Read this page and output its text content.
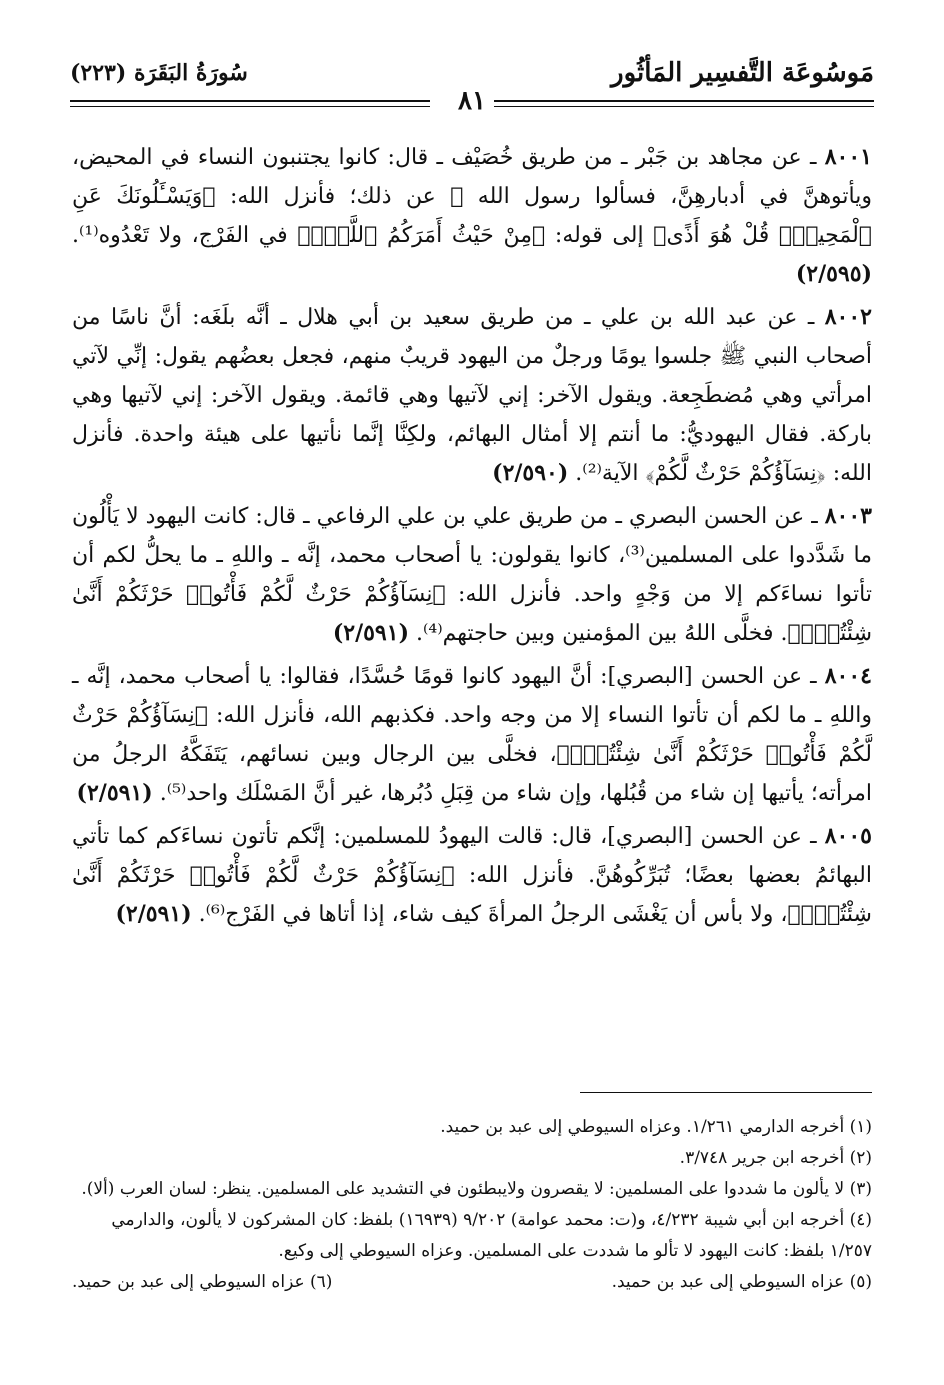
مَوسُوعَة التَّفسِير المَأثُور
٨١
سُورَةُ البَقَرَة (٢٢٣)

٨٠٠١ ـ عن مجاهد بن جَبْر ـ من طريق خُصَيْف ـ قال: كانوا يجتنبون النساء في المحيض، ويأتوهنَّ في أدبارهِنَّ، فسألوا رسول الله ﷺ عن ذلك؛ فأنزل الله: ﴿وَيَسْـَٔلُونَكَ عَنِ ٱلْمَحِيضِۖ قُلْ هُوَ أَذًى﴾ إلى قوله: ﴿مِنْ حَيْثُ أَمَرَكُمُ ٱللَّهُۚ﴾ في الفَرْج، ولا تَعْدُوه⁽¹⁾. (٢/٥٩٥)

٨٠٠٢ ـ عن عبد الله بن علي ـ من طريق سعيد بن أبي هلال ـ أنَّه بلَغَه: أنَّ ناسًا من أصحاب النبي ﷺ جلسوا يومًا ورجلٌ من اليهود قريبٌ منهم، فجعل بعضُهم يقول: إنِّي لآتي امرأتي وهي مُضطَجِعة. ويقول الآخر: إني لآتيها وهي قائمة. ويقول الآخر: إني لآتيها وهي باركة. فقال اليهوديُّ: ما أنتم إلا أمثال البهائم، ولكِنَّا إنَّما نأتيها على هيئة واحدة. فأنزل الله: ﴿نِسَآؤُكُمْ حَرْثٌ لَّكُمْ﴾ الآية⁽²⁾. (٢/٥٩٠)

٨٠٠٣ ـ عن الحسن البصري ـ من طريق علي بن علي الرفاعي ـ قال: كانت اليهود لا يَأْلُون ما شَدَّدوا على المسلمين⁽³⁾، كانوا يقولون: يا أصحاب محمد، إنَّه ـ واللهِ ـ ما يحلُّ لكم أن تأتوا نساءَكم إلا من وَجْهٍ واحد. فأنزل الله: ﴿نِسَآؤُكُمْ حَرْثٌ لَّكُمْ فَأْتُوا۟ حَرْثَكُمْ أَنَّىٰ شِئْتُمْۖ﴾. فخلَّى اللهُ بين المؤمنين وبين حاجتهم⁽⁴⁾. (٢/٥٩١)

٨٠٠٤ ـ عن الحسن [البصري]: أنَّ اليهود كانوا قومًا حُسَّدًا، فقالوا: يا أصحاب محمد، إنَّه ـ واللهِ ـ ما لكم أن تأتوا النساء إلا من وجه واحد. فكذبهم الله، فأنزل الله: ﴿نِسَآؤُكُمْ حَرْثٌ لَّكُمْ فَأْتُوا۟ حَرْثَكُمْ أَنَّىٰ شِئْتُمْۖ﴾، فخلَّى بين الرجال وبين نسائهم، يَتَفَكَّهُ الرجلُ من امرأته؛ يأتيها إن شاء من قُبُلها، وإن شاء من قِبَلِ دُبُرها، غير أنَّ المَسْلَك واحد⁽⁵⁾. (٢/٥٩١)

٨٠٠٥ ـ عن الحسن [البصري]، قال: قالت اليهودُ للمسلمين: إنَّكم تأتون نساءَكم كما تأتي البهائمُ بعضها بعضًا؛ تُبَرِّكُوهُنَّ. فأنزل الله: ﴿نِسَآؤُكُمْ حَرْثٌ لَّكُمْ فَأْتُوا۟ حَرْثَكُمْ أَنَّىٰ شِئْتُمْۖ﴾، ولا بأس أن يَغْشَى الرجلُ المرأةَ كيف شاء، إذا أتاها في الفَرْج⁽⁶⁾. (٢/٥٩١)

(١) أخرجه الدارمي ١/٢٦١. وعزاه السيوطي إلى عبد بن حميد.

(٢) أخرجه ابن جرير ٣/٧٤٨.

(٣) لا يألون ما شددوا على المسلمين: لا يقصرون ولايبطئون في التشديد على المسلمين. ينظر: لسان العرب (ألا).

(٤) أخرجه ابن أبي شيبة ٤/٢٣٢، و(ت: محمد عوامة) ٩/٢٠٢ (١٦٩٣٩) بلفظ: كان المشركون لا يألون، والدارمي ١/٢٥٧ بلفظ: كانت اليهود لا تألو ما شددت على المسلمين. وعزاه السيوطي إلى وكيع.

(٥) عزاه السيوطي إلى عبد بن حميد.

(٦) عزاه السيوطي إلى عبد بن حميد.
